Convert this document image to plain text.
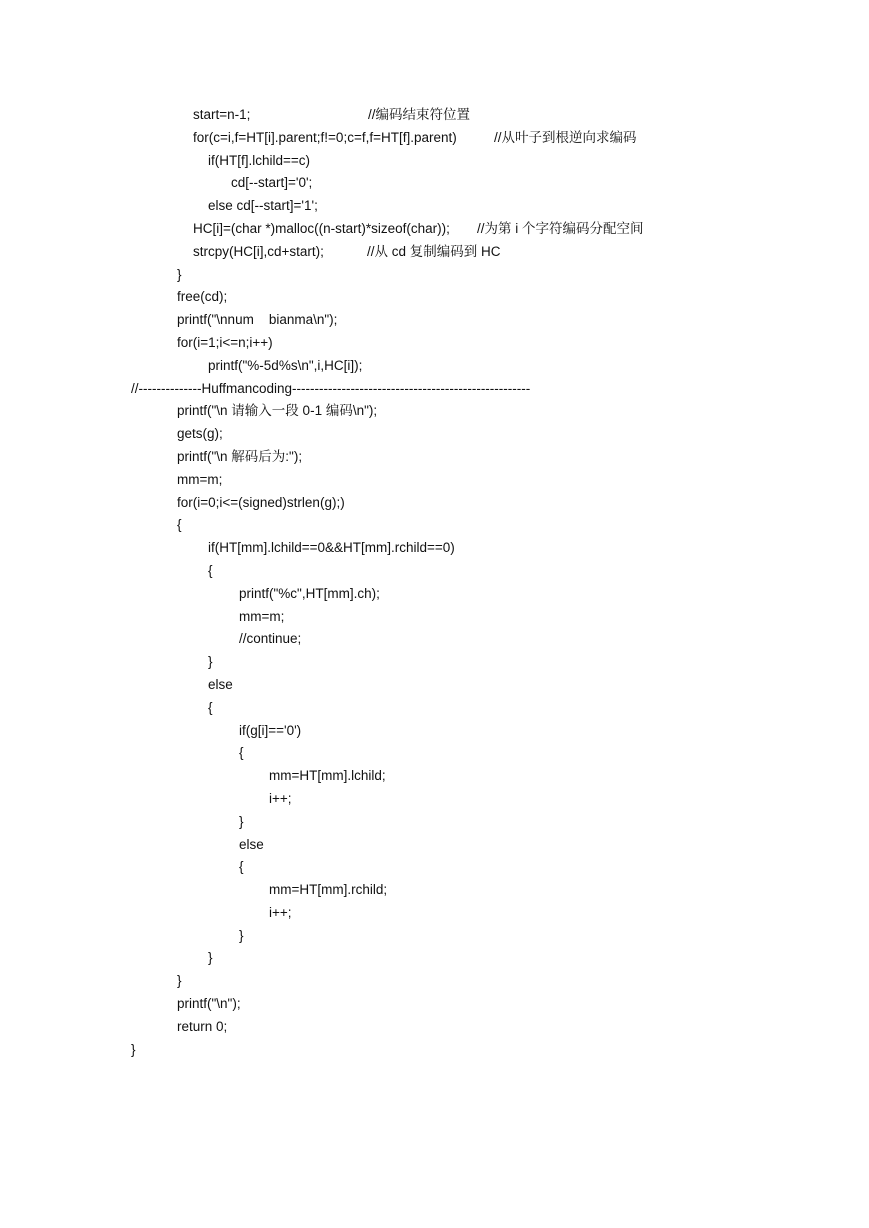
start=n-1;	//编码结束符位置
for(c=i,f=HT[i].parent;f!=0;c=f,f=HT[f].parent)	//从叶子到根逆向求编码
if(HT[f].lchild==c)
cd[--start]='0';
else cd[--start]='1';
HC[i]=(char *)malloc((n-start)*sizeof(char)); //为第 i 个字符编码分配空间
strcpy(HC[i],cd+start);	//从 cd 复制编码到 HC
}
free(cd);
printf("\nnum    bianma\n");
for(i=1;i<=n;i++)
printf("%-5d%s\n",i,HC[i]);
//--------------Huffmancoding-----------------------------------------------------
printf("\n 请输入一段 0-1 编码\n");
gets(g);
printf("\n 解码后为:");
mm=m;
for(i=0;i<=(signed)strlen(g);)
{
if(HT[mm].lchild==0&&HT[mm].rchild==0)
{
printf("%c",HT[mm].ch);
mm=m;
//continue;
}
else
{
if(g[i]=='0')
{
mm=HT[mm].lchild;
i++;
}
else
{
mm=HT[mm].rchild;
i++;
}
}
}
printf("\n");
return 0;
}
